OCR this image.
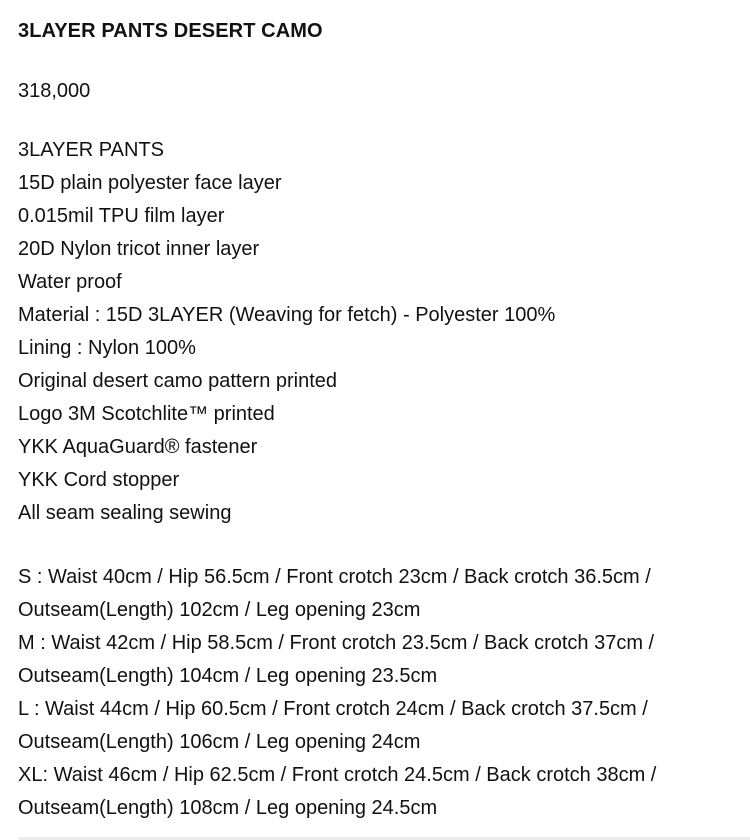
3LAYER PANTS DESERT CAMO
318,000
3LAYER PANTS
15D plain polyester face layer
0.015mil TPU film layer
20D Nylon tricot inner layer
Water proof
Material : 15D 3LAYER (Weaving for fetch) - Polyester 100%
Lining : Nylon 100%
Original desert camo pattern printed
Logo 3M Scotchlite™ printed
YKK AquaGuard® fastener
YKK Cord stopper
All seam sealing sewing
S : Waist 40cm / Hip 56.5cm / Front crotch 23cm / Back crotch 36.5cm / Outseam(Length) 102cm / Leg opening 23cm
M : Waist 42cm / Hip 58.5cm / Front crotch 23.5cm / Back crotch 37cm / Outseam(Length) 104cm / Leg opening 23.5cm
L : Waist 44cm / Hip 60.5cm / Front crotch 24cm / Back crotch 37.5cm / Outseam(Length) 106cm / Leg opening 24cm
XL: Waist 46cm / Hip 62.5cm / Front crotch 24.5cm / Back crotch 38cm / Outseam(Length) 108cm / Leg opening 24.5cm
